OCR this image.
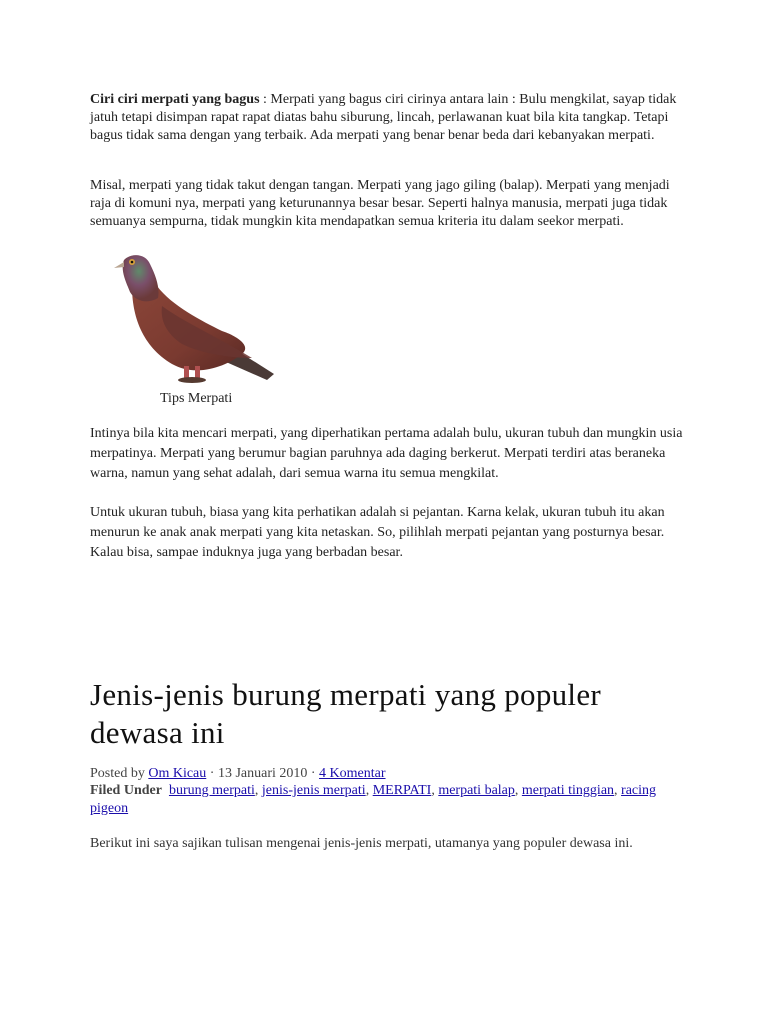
Ciri ciri merpati yang bagus : Merpati yang bagus ciri cirinya antara lain : Bulu mengkilat, sayap tidak jatuh tetapi disimpan rapat rapat diatas bahu siburung, lincah, perlawanan kuat bila kita tangkap. Tetapi bagus tidak sama dengan yang terbaik. Ada merpati yang benar benar beda dari kebanyakan merpati.

Misal, merpati yang tidak takut dengan tangan. Merpati yang jago giling (balap). Merpati yang menjadi raja di komuni nya, merpati yang keturunannya besar besar. Seperti halnya manusia, merpati juga tidak semuanya sempurna, tidak mungkin kita mendapatkan semua kriteria itu dalam seekor merpati.

Tips Merpati

Intinya bila kita mencari merpati, yang diperhatikan pertama adalah bulu, ukuran tubuh dan mungkin usia merpatinya. Merpati yang berumur bagian paruhnya ada daging berkerut. Merpati terdiri atas beraneka warna, namun yang sehat adalah, dari semua warna itu semua mengkilat.

Untuk ukuran tubuh, biasa yang kita perhatikan adalah si pejantan. Karna kelak, ukuran tubuh itu akan menurun ke anak anak merpati yang kita netaskan. So, pilihlah merpati pejantan yang posturnya besar. Kalau bisa, sampae induknya juga yang berbadan besar.

Jenis-jenis burung merpati yang populer dewasa ini
Posted by Om Kicau · 13 Januari 2010 · 4 Komentar
Filed Under burung merpati, jenis-jenis merpati, MERPATI, merpati balap, merpati tinggian, racing pigeon

Berikut ini saya sajikan tulisan mengenai jenis-jenis merpati, utamanya yang populer dewasa ini.
